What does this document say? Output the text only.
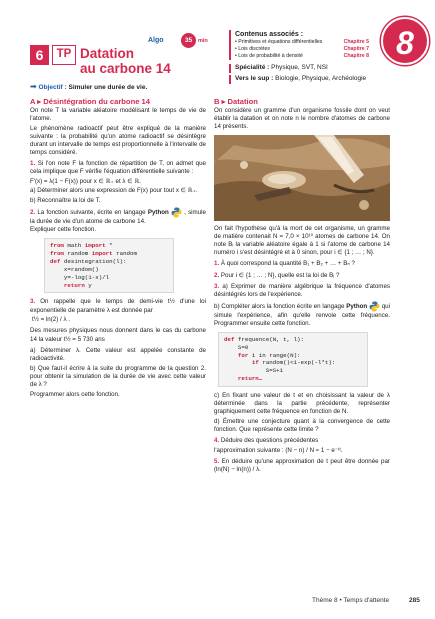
Algo	35	min
6	TP Datation
au carbone 14
➡ Objectif : Simuler une durée de vie.
Contenus associés :
• Primitives et équations différentielles	Chapitre 5
• Lois discrètes	Chapitre 7
• Lois de probabilité à densité	Chapitre 8
Spécialité : Physique, SVT, NSI
Vers le sup : Biologie, Physique, Archéologie
8
A ▸ Désintégration du carbone 14

On note T la variable aléatoire modélisant le temps de vie de l'atome.

Le phénomène radioactif peut être expliqué de la manière suivante : la probabilité qu'un atome radioactif se désintègre durant un intervalle de temps est proportionnelle à l'intervalle de temps considéré.

1. Si l'on note F la fonction de répartition de T, on admet que cela implique que F vérifie l'équation différentielle suivante :

F′(x) = λ(1 − F(x)) pour x ∈ ℝ₊ et λ ∈ ℝ.

a) Déterminer alors une expression de F(x) pour tout x ∈ ℝ₊.

b) Reconnaître la loi de T.

2. La fonction suivante, écrite en langage Python , simule la durée de vie d'un atome de carbone 14.
Expliquer cette fonction.

from math import *
from random import random
def desintegration(l):
x=random()
y=-log(1-x)/l
return y

3. On rappelle que le temps de demi-vie t½ d'une loi exponentielle de paramètre λ est donnée par

t½ = ln(2) / λ .

Des mesures physiques nous donnent dans le cas du carbone 14 la valeur t½ = 5 730 ans

a) Déterminer λ. Cette valeur est appelée constante de radioactivité.

b) Que faut-il écrire à la suite du programme de la question 2. pour obtenir la simulation de la durée de vie avec cette valeur de λ ?

Programmer alors cette fonction.

B ▸ Datation

On considère un gramme d'un organisme fossile dont on veut établir la datation et on note n le nombre d'atomes de carbone 14 présents.

On fait l'hypothèse qu'à la mort de cet organisme, un gramme de matière contenait N = 7,0 × 10¹⁰ atomes de carbone 14. On note Bᵢ la variable aléatoire égale à 1 si l'atome de carbone 14 numéro i s'est désintégré et à 0 sinon, pour i ∈ {1 ; … ; N}.

1. À quoi correspond la quantité B₁ + B₂ + … + Bₙ ?

2. Pour i ∈ {1 ; … ; N}, quelle est la loi de Bᵢ ?

3. a) Exprimer de manière algébrique la fréquence d'atomes désintégrés lors de l'expérience.

b) Compléter alors la fonction écrite en langage Python qui simule l'expérience, afin qu'elle renvoie cette fréquence. Programmer ensuite cette fonction.

def frequence(N, t, l):
S=0
for i in range(N):
if random()<1-exp(-l*t):
S=S+1
return…

c) En fixant une valeur de t et en choisissant la valeur de λ déterminée dans la partie précédente, représenter graphiquement cette fréquence en fonction de N.

d) Émettre une conjecture quant à la convergence de cette fonction. Que représente cette limite ?

4. Déduire des questions précédentes

l'approximation suivante : (N − n) / N ≈ 1 − e⁻ᵗᵗ.

5. En déduire qu'une approximation de t peut être donnée par (ln(N) − ln(n)) / λ.

Thème 8 • Temps d'attente	285
